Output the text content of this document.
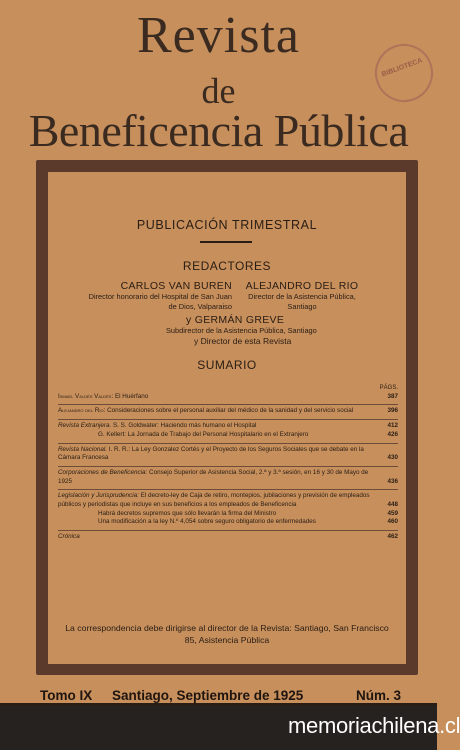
Revista
de
Beneficencia Pública
BIBLIOTECA
PUBLICACIÓN TRIMESTRAL
REDACTORES
CARLOS VAN BUREN
Director honorario del Hospital de San Juan
de Dios, Valparaiso
ALEJANDRO DEL RIO
Director de la Asistencia Pública,
Santiago
y GERMÁN GREVE
Subdirector de la Asistencia Pública, Santiago
y Director de esta Revista
SUMARIO
PÁGS.
Ismael Valdés Valdés: El Huérfano	387
Alejandro del Rio: Consideraciones sobre el personal auxiliar del médico de la sanidad y del servicio social	396
Revista Extranjera. S. S. Goldwater: Haciendo más humano el Hospital	412
G. Kellert: La Jornada de Trabajo del Personal Hospitalario en el Extranjero	426
Revista Nacional. I. R. R.: La Ley Gonzalez Cortés y el Proyecto de los Seguros Sociales que se debate en la Cámara Francesa	430
Corporaciones de Beneficencia: Consejo Superior de Asistencia Social, 2.ª y 3.ª sesión, en 16 y 30 de Mayo de 1925	436
Legislación y Jurisprudencia: El decreto-ley de Caja de retiro, montepios, jubilaciones y previsión de empleados públicos y periodistas que incluye en sus beneficios a los empleados de Beneficencia	448
Habrá decretos supremos que sólo llevarán la firma del Ministro	459
Una modificación a la ley N.º 4,054 sobre seguro obligatorio de enfermedades	460
Crónica	462
La correspondencia debe dirigirse al director de la Revista: Santiago, San Francisco 85, Asistencia Pública
Tomo IX Santiago, Septiembre de 1925	Núm. 3
memoriachilena.cl
